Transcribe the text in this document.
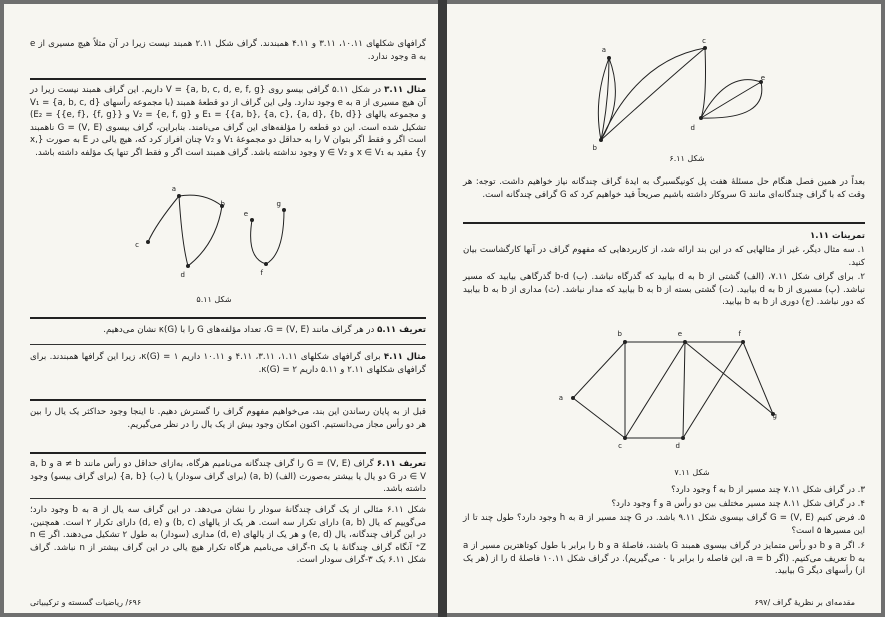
گرافهای شکلهای ۱۰.۱۱، ۳.۱۱ و ۴.۱۱ همبندند. گراف شکل ۲.۱۱ همبند نیست زیرا در آن مثلاً هیچ مسیری از e به a وجود ندارد.
مثال ۳.۱۱ در شکل ۵.۱۱ گرافی بیسو روی V = {a, b, c, d, e, f, g} داریم. این گراف همبند نیست زیرا در آن هیچ مسیری از a به e وجود ندارد. ولی این گراف از دو قطعهٔ همبند (با مجموعه رأسهای V₁ = {a, b, c, d} و مجموعه یالهای E₁ = {{a, b}, {a, c}, {a, d}, {b, d}} و V₂ = {e, f, g} و E₂ = {{e, f}, {f, g}}) تشکیل شده است. این دو قطعه را مؤلفه‌های این گراف می‌نامند. بنابراین، گراف بیسوی G = (V, E) ناهمبند است اگر و فقط اگر بتوان V را به حداقل دو مجموعهٔ V₁ و V₂ چنان افراز کرد که، هیچ یالی در E به صورت {x, y} مقید به x ∈ V₁ و y ∈ V₂ وجود نداشته باشد. گراف همبند است اگر و فقط اگر تنها یک مؤلفه داشته باشد.
a
b
c
d
e
f
g
شکل ۵.۱۱
تعریف ۵.۱۱ در هر گراف مانند G = (V, E)، تعداد مؤلفه‌های G را با κ(G) نشان می‌دهیم.
مثال ۴.۱۱ برای گرافهای شکلهای ۱.۱۱، ۳.۱۱، ۴.۱۱ و ۱۰.۱۱ داریم κ(G) = ۱، زیرا این گرافها همبندند. برای گرافهای شکلهای ۲.۱۱ و ۵.۱۱ داریم κ(G) = ۲.
قبل از به پایان رساندن این بند، می‌خواهیم مفهوم گراف را گسترش دهیم. تا اینجا وجود حداکثر یک یال را بین هر دو رأس مجاز می‌دانستیم. اکنون امکان وجود بیش از یک یال را در نظر می‌گیریم.
تعریف ۶.۱۱ گراف G = (V, E) را گراف چندگانه می‌نامیم هرگاه، به‌ازای حداقل دو رأس مانند a ≠ b و a, b ∈ V در G دو یال یا بیشتر به‌صورت (الف) (a, b) (برای گراف سودار) یا (ب) {a, b} (برای گراف بیسو) وجود داشته باشد.
شکل ۶.۱۱ مثالی از یک گراف چندگانهٔ سودار را نشان می‌دهد. در این گراف سه یال از a به b وجود دارد؛ می‌گوییم که یال (a, b) دارای تکرار سه است. هر یک از یالهای (b, c) و (d, e) دارای تکرار ۲ است. همچنین، در این گراف چندگانه، یال (e, d) و هر یک از یالهای (d, e) مداری (سودار) به طول ۲ تشکیل می‌دهند. اگر n ∈ Z⁺ آنگاه گراف چندگانهٔ با یک n-گراف می‌نامیم هرگاه تکرار هیچ یالی در این گراف بیشتر از n نباشد. گراف شکل ۶.۱۱ یک ۳-گراف سودار است.
۶۹۶/ ریاضیات گسسته و ترکیبیاتی
a
b
c
d
e
شکل ۶.۱۱
بعداً در همین فصل هنگام حل مسئلهٔ هفت پل کونیگسبرگ به ایدهٔ گراف چندگانه نیاز خواهیم داشت. توجه: هر وقت که با گراف چندگانه‌ای مانند G سروکار داشته باشیم صریحاً قید خواهیم کرد که G گرافی چندگانه است.
تمرینات ۱.۱۱
۱. سه مثال دیگر، غیر از مثالهایی که در این بند ارائه شد، از کاربردهایی که مفهوم گراف در آنها کارگشاست بیان کنید.
۲. برای گراف شکل ۷.۱۱، (الف) گشتی از b به d بیابید که گذرگاه نباشد. (ب) b-d گذرگاهی بیابید که مسیر نباشد. (پ) مسیری از b به d بیابید. (ت) گشتی بسته از b به b بیابید که مدار نباشد. (ث) مداری از b به b بیابید که دور نباشد. (ج) دوری از b به b بیابید.
a
b
c	d
e	f
g
شکل ۷.۱۱
۳. در گراف شکل ۷.۱۱ چند مسیر از b به f وجود دارد؟
۴. در گراف شکل ۸.۱۱ چند مسیر مختلف بین دو رأس a و f وجود دارد؟
۵. فرض کنیم G = (V, E) گراف بیسوی شکل ۹.۱۱ باشد. در G چند مسیر از a به h وجود دارد؟ طول چند تا از این مسیرها ۵ است؟
۶. اگر a و b دو رأس متمایز در گراف بیسوی همبند G باشند، فاصلهٔ a و b را برابر با طول کوتاهترین مسیر از a به b تعریف می‌کنیم. (اگر a = b، این فاصله را برابر با ۰ می‌گیریم). در گراف شکل ۱۰.۱۱ فاصلهٔ d را از (هر یک از) رأسهای دیگر G بیابید.
مقدمه‌ای بر نظریهٔ گراف /۶۹۷
